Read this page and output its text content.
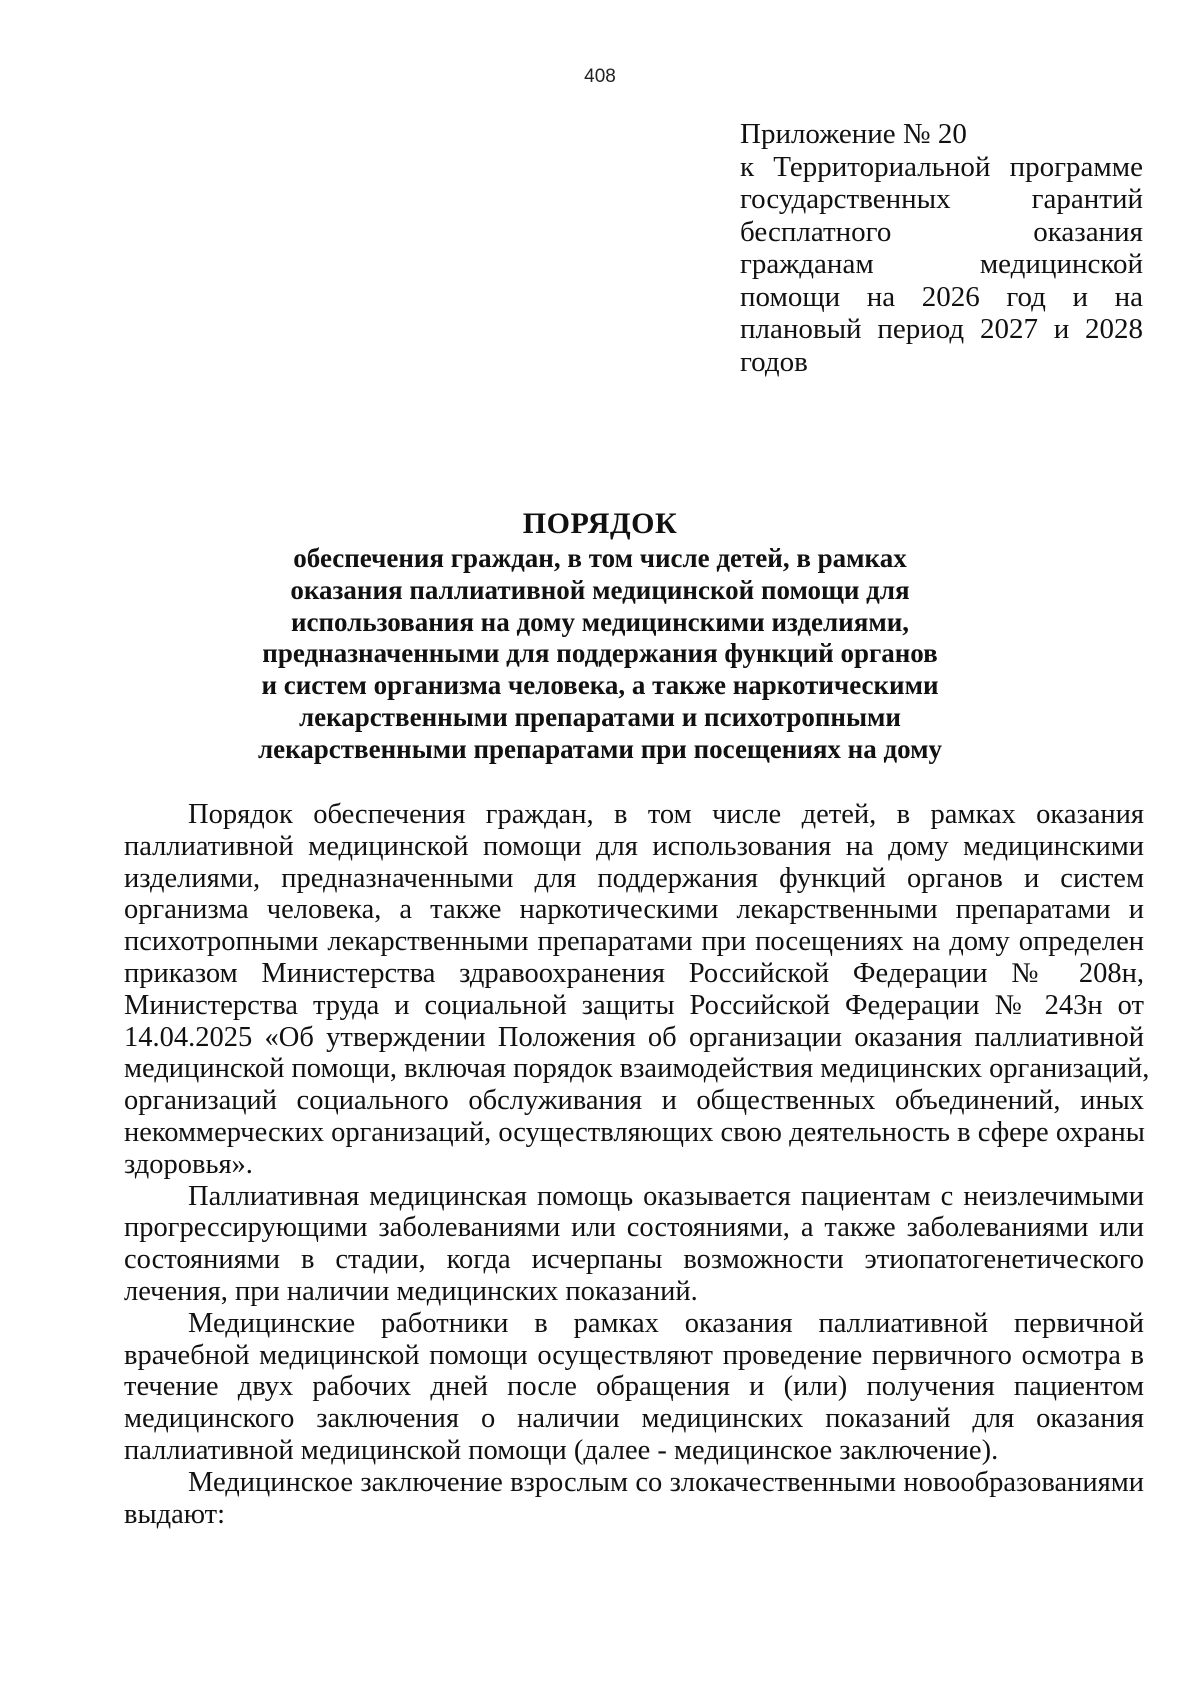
408
Приложение № 20
к Территориальной программе
государственных гарантий
бесплатного оказания
гражданам медицинской
помощи на 2026 год и на
плановый период 2027 и 2028
годов
ПОРЯДОК
обеспечения граждан, в том числе детей, в рамках
оказания паллиативной медицинской помощи для
использования на дому медицинскими изделиями,
предназначенными для поддержания функций органов
и систем организма человека, а также наркотическими
лекарственными препаратами и психотропными
лекарственными препаратами при посещениях на дому
Порядок обеспечения граждан, в том числе детей, в рамках оказания
паллиативной медицинской помощи для использования на дому медицинскими
изделиями, предназначенными для поддержания функций органов и систем
организма человека, а также наркотическими лекарственными препаратами и
психотропными лекарственными препаратами при посещениях на дому определен
приказом Министерства здравоохранения Российской Федерации № 208н,
Министерства труда и социальной защиты Российской Федерации № 243н от
14.04.2025 «Об утверждении Положения об организации оказания паллиативной
медицинской помощи, включая порядок взаимодействия медицинских организаций,
организаций социального обслуживания и общественных объединений, иных
некоммерческих организаций, осуществляющих свою деятельность в сфере охраны
здоровья».
Паллиативная медицинская помощь оказывается пациентам с неизлечимыми
прогрессирующими заболеваниями или состояниями, а также заболеваниями или
состояниями в стадии, когда исчерпаны возможности этиопатогенетического
лечения, при наличии медицинских показаний.
Медицинские работники в рамках оказания паллиативной первичной
врачебной медицинской помощи осуществляют проведение первичного осмотра в
течение двух рабочих дней после обращения и (или) получения пациентом
медицинского заключения о наличии медицинских показаний для оказания
паллиативной медицинской помощи (далее - медицинское заключение).
Медицинское заключение взрослым со злокачественными новообразованиями
выдают:
